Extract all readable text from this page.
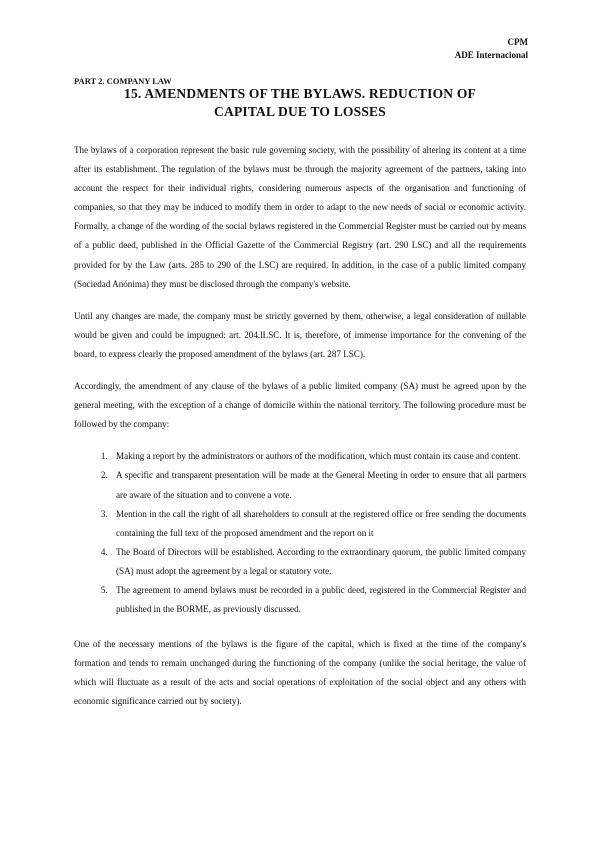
CPM
ADE Internacional
PART 2. COMPANY LAW
15. AMENDMENTS OF THE BYLAWS. REDUCTION OF
CAPITAL DUE TO LOSSES

The bylaws of a corporation represent the basic rule governing society, with the possibility of altering its content at a time after its establishment. The regulation of the bylaws must be through the majority agreement of the partners, taking into account the respect for their individual rights, considering numerous aspects of the organisation and functioning of companies, so that they may be induced to modify them in order to adapt to the new needs of social or economic activity. Formally, a change of the wording of the social bylaws registered in the Commercial Register must be carried out by means of a public deed, published in the Official Gazette of the Commercial Registry (art. 290 LSC) and all the requirements provided for by the Law (arts. 285 to 290 of the LSC) are required. In addition, in the case of a public limited company (Sociedad Anónima) they must be disclosed through the company's website.

Until any changes are made, the company must be strictly governed by them, otherwise, a legal consideration of nullable would be given and could be impugned: art. 204.lLSC. It is, therefore, of immense importance for the convening of the board, to express clearly the proposed amendment of the bylaws (art. 287 LSC).

Accordingly, the amendment of any clause of the bylaws of a public limited company (SA) must be agreed upon by the general meeting, with the exception of a change of domicile within the national territory. The following procedure must be followed by the company:

1. Making a report by the administrators or authors of the modification, which must contain its cause and content.
2. A specific and transparent presentation will be made at the General Meeting in order to ensure that all partners are aware of the situation and to convene a vote.
3. Mention in the call the right of all shareholders to consult at the registered office or free sending the documents containing the full text of the proposed amendment and the report on it
4. The Board of Directors will be established. According to the extraordinary quorum, the public limited company (SA) must adopt the agreement by a legal or statutory vote.
5. The agreement to amend bylaws must be recorded in a public deed, registered in the Commercial Register and published in the BORME, as previously discussed.

One of the necessary mentions of the bylaws is the figure of the capital, which is fixed at the time of the company's formation and tends to remain unchanged during the functioning of the company (unlike the social heritage, the value of which will fluctuate as a result of the acts and social operations of exploitation of the social object and any others with economic significance carried out by society).
